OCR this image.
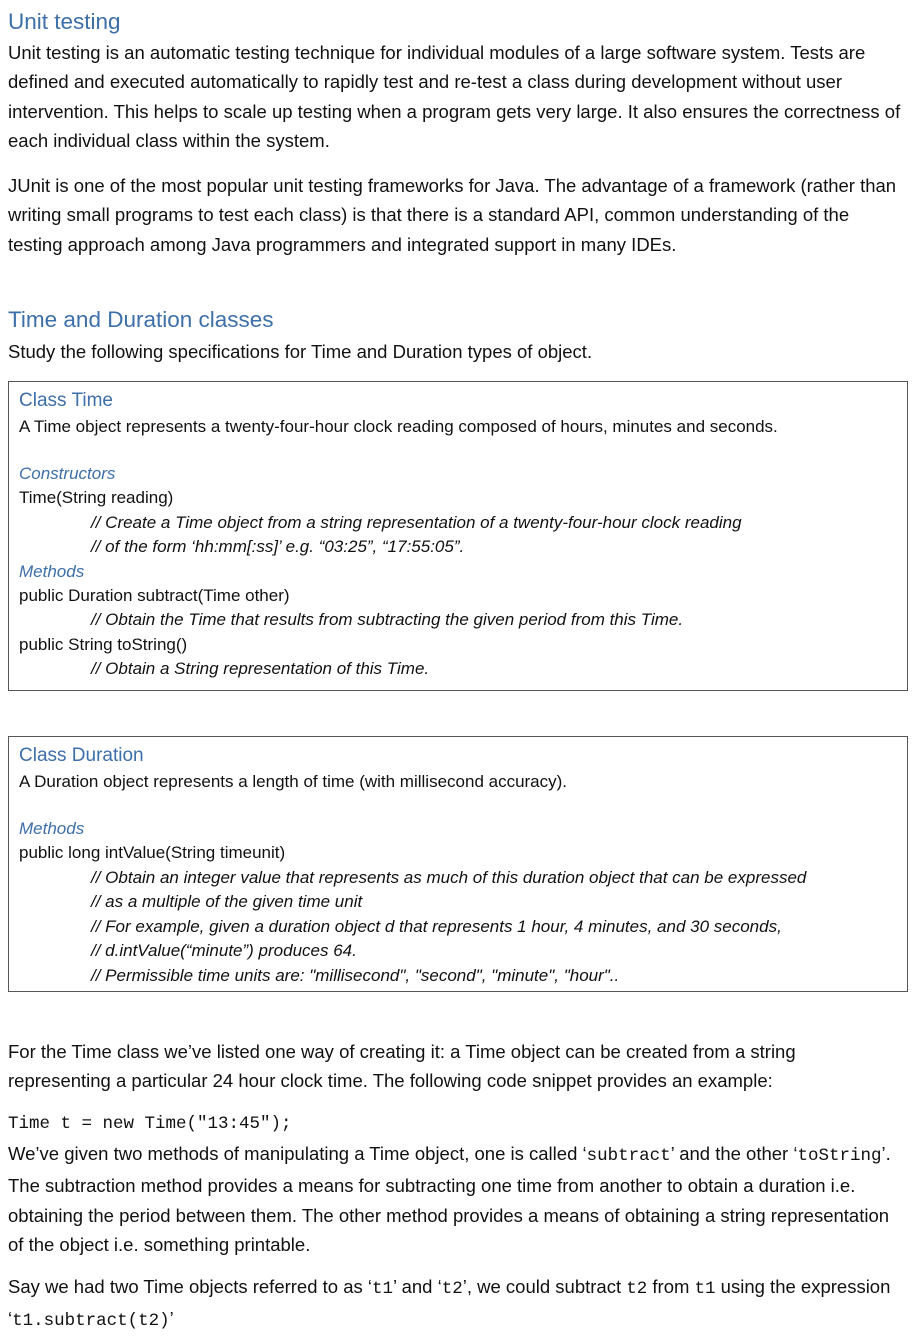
Unit testing

Unit testing is an automatic testing technique for individual modules of a large software system. Tests are defined and executed automatically to rapidly test and re-test a class during development without user intervention. This helps to scale up testing when a program gets very large. It also ensures the correctness of each individual class within the system.

JUnit is one of the most popular unit testing frameworks for Java. The advantage of a framework (rather than writing small programs to test each class) is that there is a standard API, common understanding of the testing approach among Java programmers and integrated support in many IDEs.

Time and Duration classes

Study the following specifications for Time and Duration types of object.

Class Time
A Time object represents a twenty-four-hour clock reading composed of hours, minutes and seconds.
Constructors
Time(String reading)
// Create a Time object from a string representation of a twenty-four-hour clock reading
// of the form ‘hh:mm[:ss]’ e.g. “03:25”, “17:55:05”.
Methods
public Duration subtract(Time other)
// Obtain the Time that results from subtracting the given period from this Time.
public String toString()
// Obtain a String representation of this Time.
Class Duration
A Duration object represents a length of time (with millisecond accuracy).
Methods
public long intValue(String timeunit)
// Obtain an integer value that represents as much of this duration object that can be expressed
// as a multiple of the given time unit
// For example, given a duration object d that represents 1 hour, 4 minutes, and 30 seconds,
// d.intValue(“minute”) produces 64.
// Permissible time units are: "millisecond", "second", "minute", "hour"..

For the Time class we’ve listed one way of creating it: a Time object can be created from a string representing a particular 24 hour clock time. The following code snippet provides an example:

Time t = new Time("13:45");

We’ve given two methods of manipulating a Time object, one is called ‘subtract’ and the other ‘toString’. The subtraction method provides a means for subtracting one time from another to obtain a duration i.e. obtaining the period between them. The other method provides a means of obtaining a string representation of the object i.e. something printable.

Say we had two Time objects referred to as ‘t1’ and ‘t2’, we could subtract t2 from t1 using the expression ‘t1.subtract(t2)’
